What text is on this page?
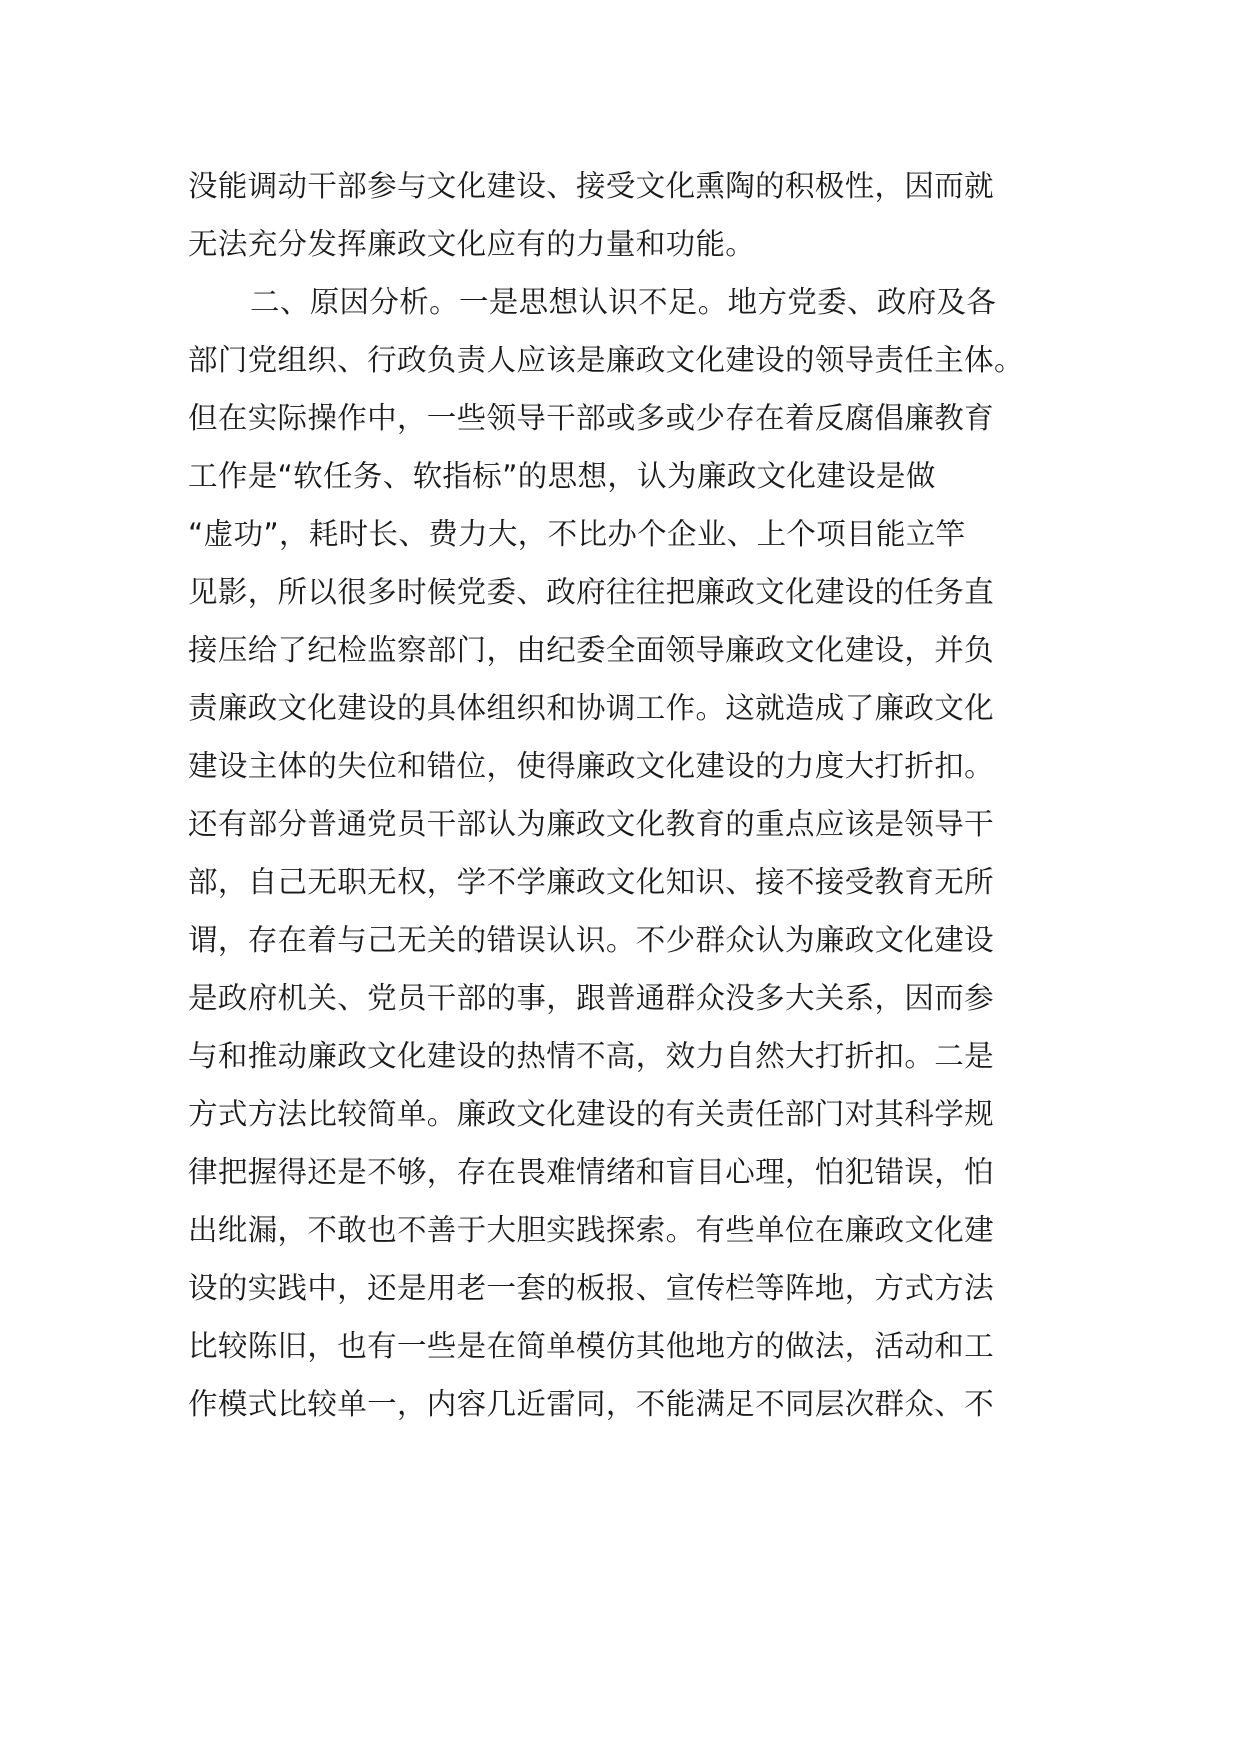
没能调动干部参与文化建设、接受文化熏陶的积极性，因而就
无法充分发挥廉政文化应有的力量和功能。
二、原因分析。一是思想认识不足。地方党委、政府及各
部门党组织、行政负责人应该是廉政文化建设的领导责任主体。
但在实际操作中，一些领导干部或多或少存在着反腐倡廉教育
工作是“软任务、软指标”的思想，认为廉政文化建设是做
“虚功”，耗时长、费力大，不比办个企业、上个项目能立竿
见影，所以很多时候党委、政府往往把廉政文化建设的任务直
接压给了纪检监察部门，由纪委全面领导廉政文化建设，并负
责廉政文化建设的具体组织和协调工作。这就造成了廉政文化
建设主体的失位和错位，使得廉政文化建设的力度大打折扣。
还有部分普通党员干部认为廉政文化教育的重点应该是领导干
部，自己无职无权，学不学廉政文化知识、接不接受教育无所
谓，存在着与己无关的错误认识。不少群众认为廉政文化建设
是政府机关、党员干部的事，跟普通群众没多大关系，因而参
与和推动廉政文化建设的热情不高，效力自然大打折扣。二是
方式方法比较简单。廉政文化建设的有关责任部门对其科学规
律把握得还是不够，存在畏难情绪和盲目心理，怕犯错误，怕
出纰漏，不敢也不善于大胆实践探索。有些单位在廉政文化建
设的实践中，还是用老一套的板报、宣传栏等阵地，方式方法
比较陈旧，也有一些是在简单模仿其他地方的做法，活动和工
作模式比较单一，内容几近雷同，不能满足不同层次群众、不
